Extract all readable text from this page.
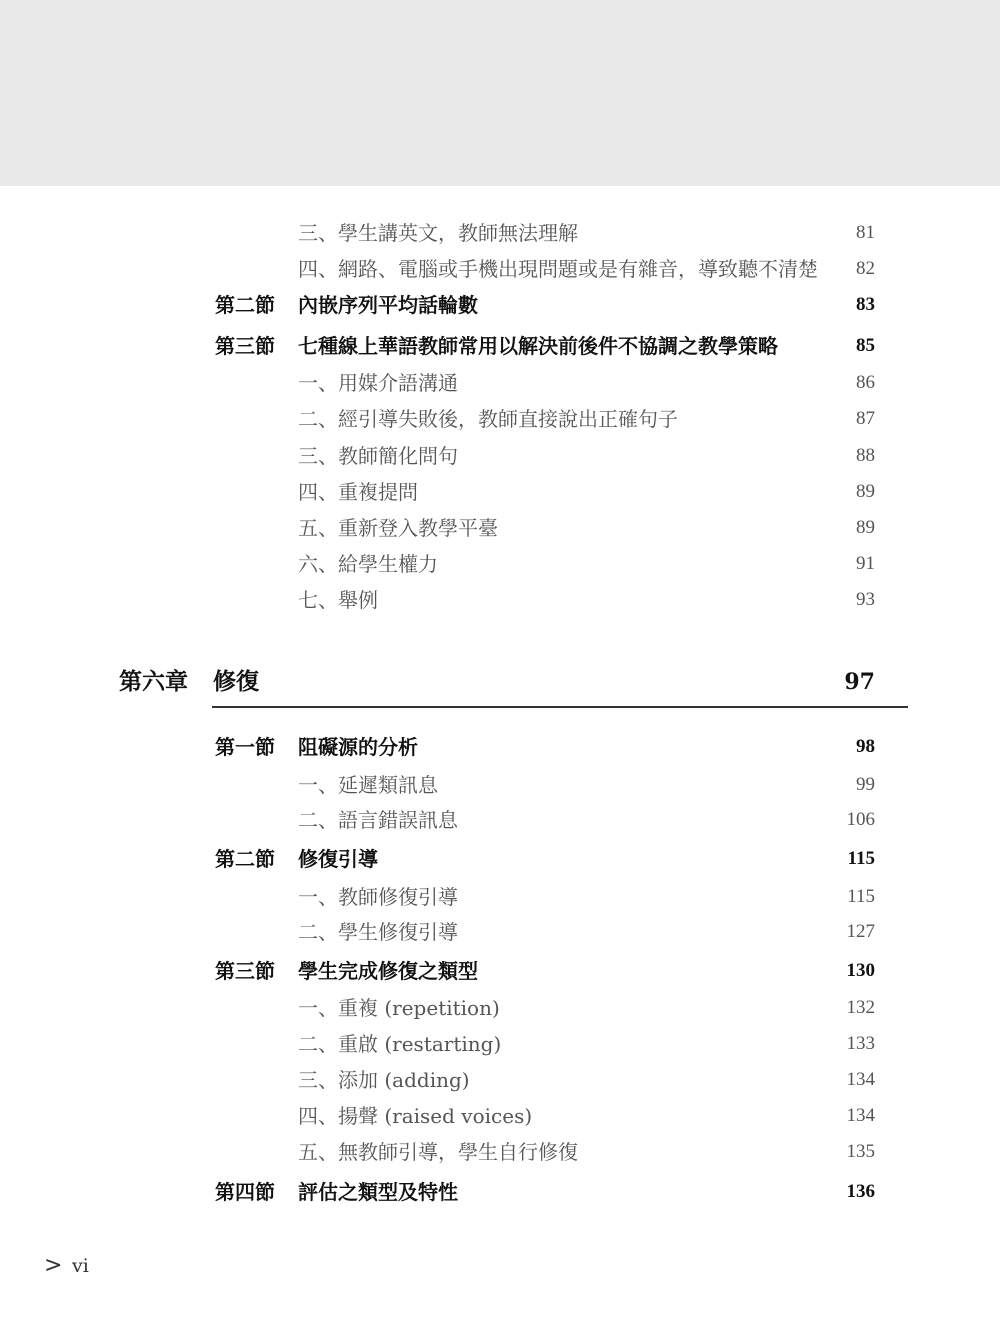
三、學生講英文，教師無法理解	81
四、網路、電腦或手機出現問題或是有雜音，導致聽不清楚 82
第二節 內嵌序列平均話輪數	83
第三節 七種線上華語教師常用以解決前後件不協調之教學策略	85
一、用媒介語溝通	86
二、經引導失敗後，教師直接說出正確句子	87
三、教師簡化問句	88
四、重複提問	89
五、重新登入教學平臺	89
六、給學生權力	91
七、舉例	93
第六章 修復	97
第一節 阻礙源的分析	98
一、延遲類訊息	99
二、語言錯誤訊息	106
第二節 修復引導	115
一、教師修復引導	115
二、學生修復引導	127
第三節 學生完成修復之類型	130
一、重複 (repetition)	132
二、重啟 (restarting)	133
三、添加 (adding)	134
四、揚聲 (raised voices)	134
五、無教師引導，學生自行修復	135
第四節 評估之類型及特性	136
> vi
